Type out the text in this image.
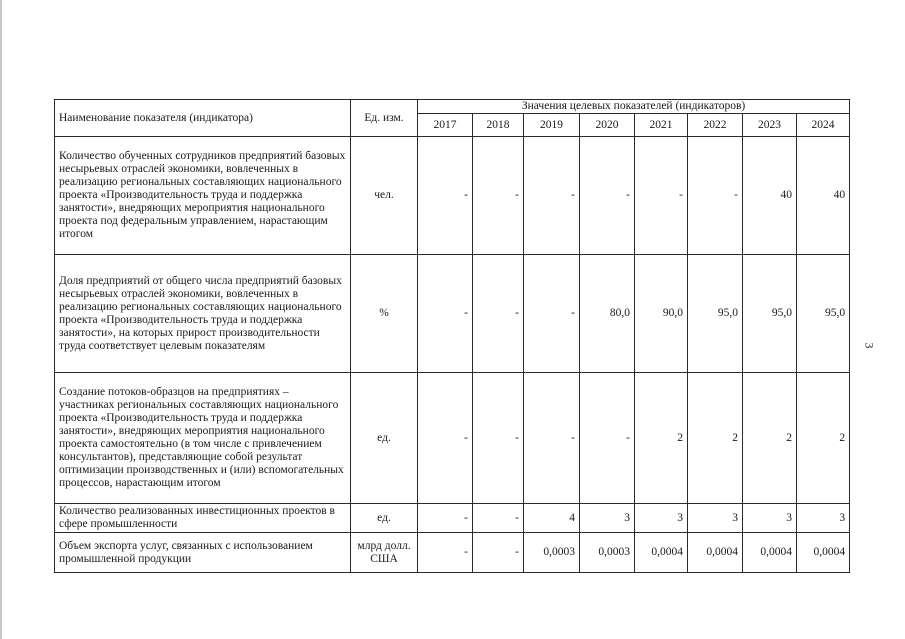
3
Наименование показателя (индикатора)	Ед. изм.	Значения целевых показателей (индикаторов)							
		2017	2018	2019	2020	2021	2022	2023	2024
Количество обученных сотрудников предприятий базовых несырьевых отраслей экономики, вовлеченных в реализацию региональных составляющих национального проекта «Производительность труда и поддержка занятости», внедряющих мероприятия национального проекта под федеральным управлением, нарастающим итогом	чел.	-	-	-	-	-	-	40	40
Доля предприятий от общего числа предприятий базовых несырьевых отраслей экономики, вовлеченных в реализацию региональных составляющих национального проекта «Производительность труда и поддержка занятости», на которых прирост производительности труда соответствует целевым показателям	%	-	-	-	80,0	90,0	95,0	95,0	95,0
Создание потоков-образцов на предприятиях – участниках региональных составляющих национального проекта «Производительность труда и поддержка занятости», внедряющих мероприятия национального проекта самостоятельно (в том числе с привлечением консультантов), представляющие собой результат оптимизации производственных и (или) вспомогательных процессов, нарастающим итогом	ед.	-	-	-	-	2	2	2	2
Количество реализованных инвестиционных проектов в сфере промышленности	ед.	-	-	4	3	3	3	3	3
Объем экспорта услуг, связанных с использованием промышленной продукции	млрд долл. США	-	-	0,0003	0,0003	0,0004	0,0004	0,0004	0,0004
